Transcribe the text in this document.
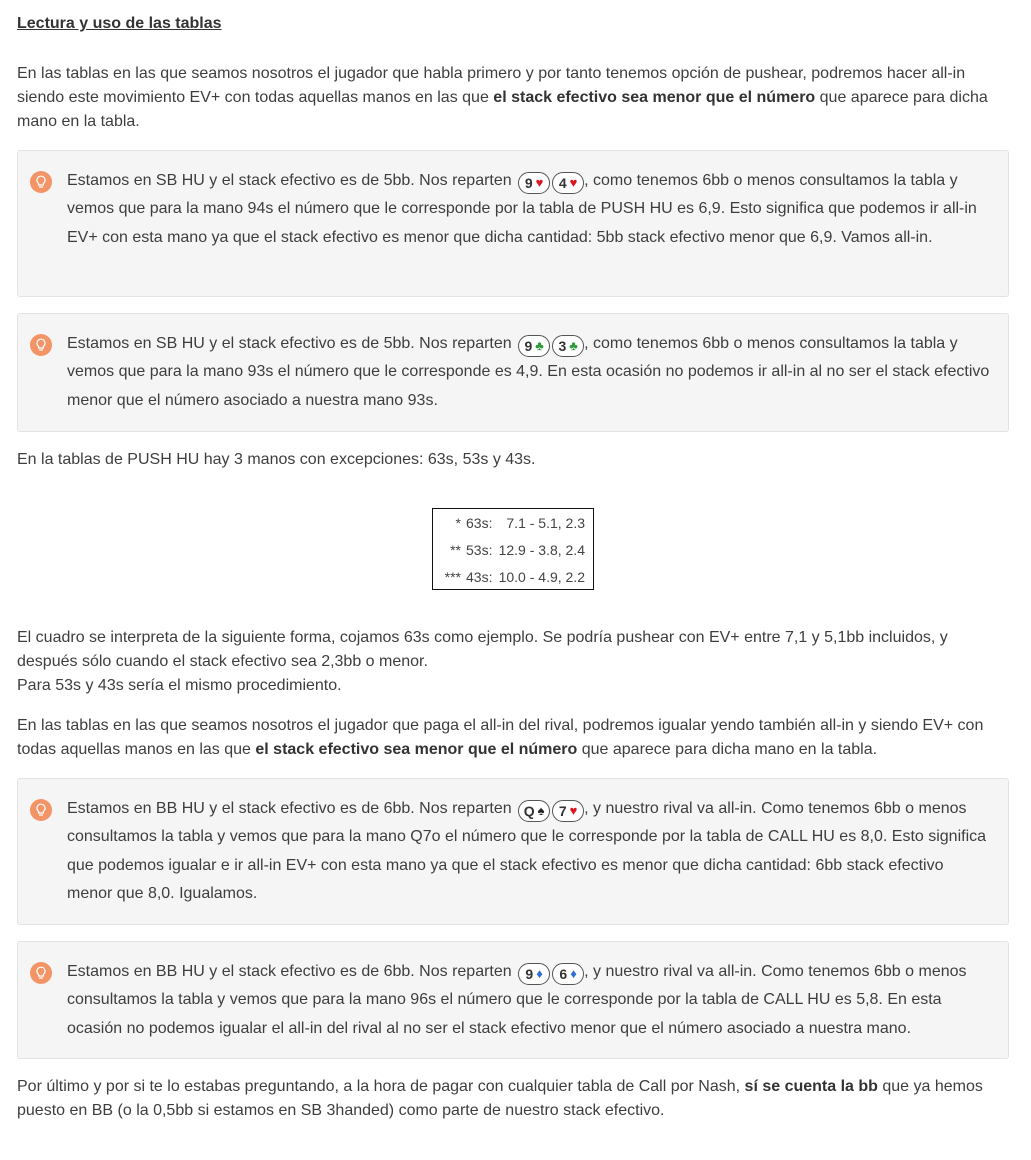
Lectura y uso de las tablas

En las tablas en las que seamos nosotros el jugador que habla primero y por tanto tenemos opción de pushear, podremos hacer all-in siendo este movimiento EV+ con todas aquellas manos en las que el stack efectivo sea menor que el número que aparece para dicha mano en la tabla.

Estamos en SB HU y el stack efectivo es de 5bb. Nos reparten 9 ♥ 4 ♥ , como tenemos 6bb o menos consultamos la tabla y vemos que para la mano 94s el número que le corresponde por la tabla de PUSH HU es 6,9. Esto significa que podemos ir all-in EV+ con esta mano ya que el stack efectivo es menor que dicha cantidad: 5bb stack efectivo menor que 6,9. Vamos all-in.

Estamos en SB HU y el stack efectivo es de 5bb. Nos reparten 9 ♣ 3 ♣ , como tenemos 6bb o menos consultamos la tabla y vemos que para la mano 93s el número que le corresponde es 4,9. En esta ocasión no podemos ir all-in al no ser el stack efectivo menor que el número asociado a nuestra mano 93s.

En la tablas de PUSH HU hay 3 manos con excepciones: 63s, 53s y 43s.

* 63s: 7.1 - 5.1, 2.3
** 53s: 12.9 - 3.8, 2.4
*** 43s: 10.0 - 4.9, 2.2

El cuadro se interpreta de la siguiente forma, cojamos 63s como ejemplo. Se podría pushear con EV+ entre 7,1 y 5,1bb incluidos, y después sólo cuando el stack efectivo sea 2,3bb o menor.
Para 53s y 43s sería el mismo procedimiento.

En las tablas en las que seamos nosotros el jugador que paga el all-in del rival, podremos igualar yendo también all-in y siendo EV+ con todas aquellas manos en las que el stack efectivo sea menor que el número que aparece para dicha mano en la tabla.

Estamos en BB HU y el stack efectivo es de 6bb. Nos reparten Q ♠ 7 ♥ , y nuestro rival va all-in. Como tenemos 6bb o menos consultamos la tabla y vemos que para la mano Q7o el número que le corresponde por la tabla de CALL HU es 8,0. Esto significa que podemos igualar e ir all-in EV+ con esta mano ya que el stack efectivo es menor que dicha cantidad: 6bb stack efectivo menor que 8,0. Igualamos.

Estamos en BB HU y el stack efectivo es de 6bb. Nos reparten 9 ♦ 6 ♦ , y nuestro rival va all-in. Como tenemos 6bb o menos consultamos la tabla y vemos que para la mano 96s el número que le corresponde por la tabla de CALL HU es 5,8. En esta ocasión no podemos igualar el all-in del rival al no ser el stack efectivo menor que el número asociado a nuestra mano.

Por último y por si te lo estabas preguntando, a la hora de pagar con cualquier tabla de Call por Nash, sí se cuenta la bb que ya hemos puesto en BB (o la 0,5bb si estamos en SB 3handed) como parte de nuestro stack efectivo.
